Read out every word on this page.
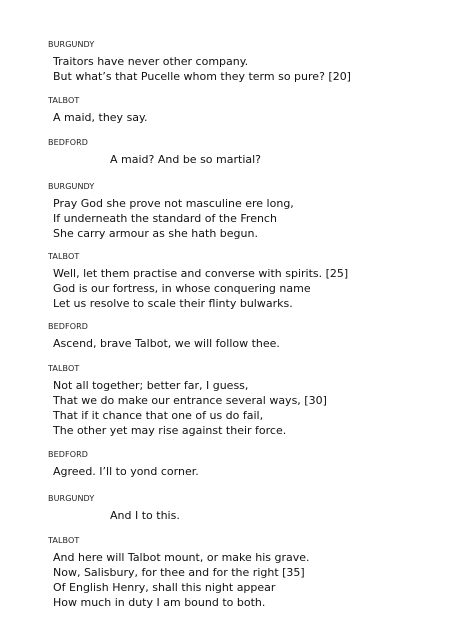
BURGUNDY
Traitors have never other company.
But what’s that Pucelle whom they term so pure? [20]
TALBOT
A maid, they say.
BEDFORD
A maid? And be so martial?
BURGUNDY
Pray God she prove not masculine ere long,
If underneath the standard of the French
She carry armour as she hath begun.
TALBOT
Well, let them practise and converse with spirits. [25]
God is our fortress, in whose conquering name
Let us resolve to scale their flinty bulwarks.
BEDFORD
Ascend, brave Talbot, we will follow thee.
TALBOT
Not all together; better far, I guess,
That we do make our entrance several ways, [30]
That if it chance that one of us do fail,
The other yet may rise against their force.
BEDFORD
Agreed. I’ll to yond corner.
BURGUNDY
And I to this.
TALBOT
And here will Talbot mount, or make his grave.
Now, Salisbury, for thee and for the right [35]
Of English Henry, shall this night appear
How much in duty I am bound to both.
